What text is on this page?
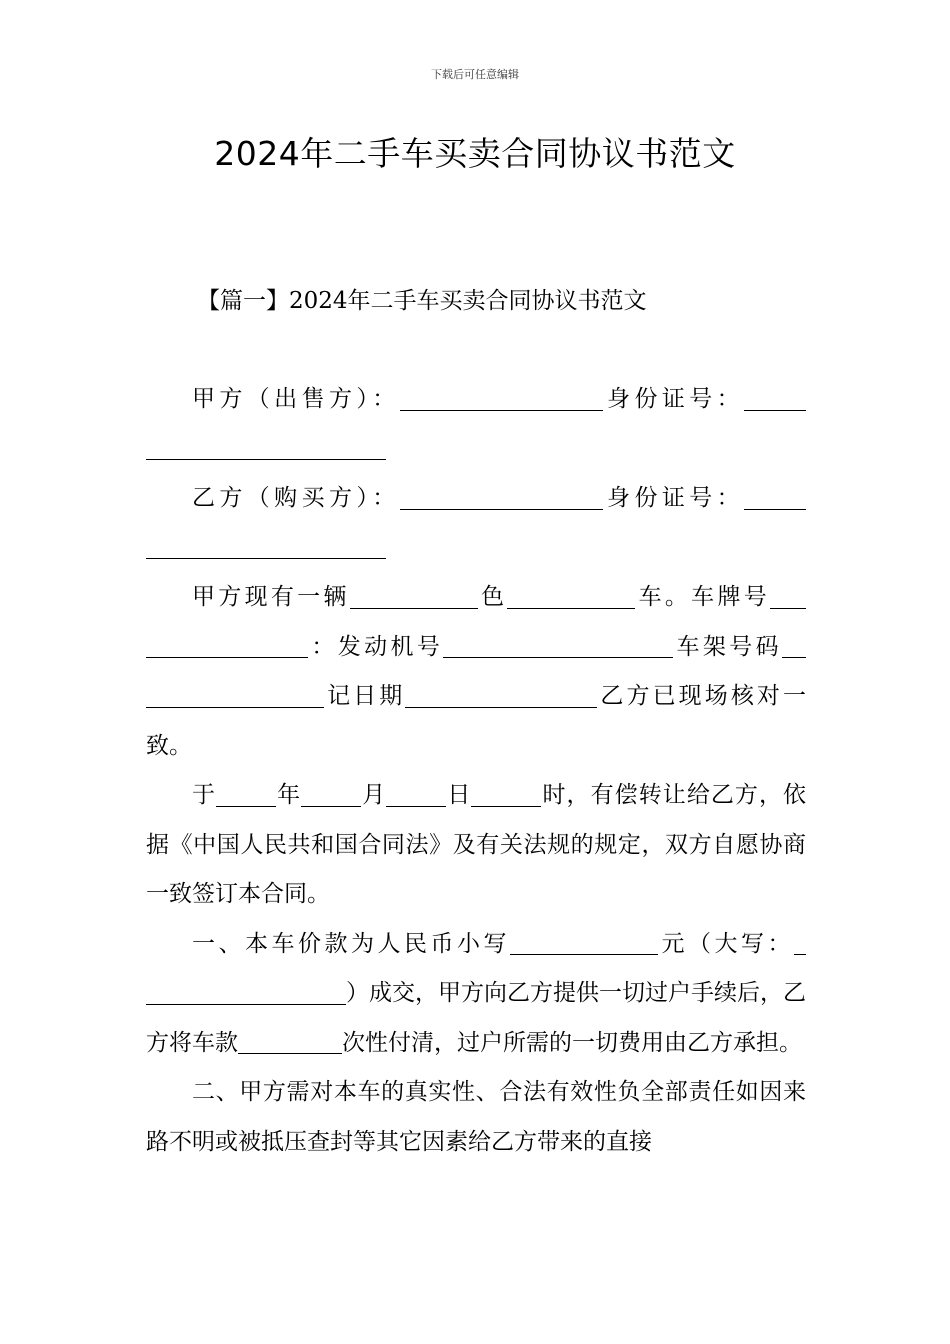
下载后可任意编辑
2024年二手车买卖合同协议书范文
【篇一】2024年二手车买卖合同协议书范文

甲方（出售方）：	身份证号：

乙方（购买方）：	身份证号：

甲方现有一辆	色	车。车牌号：发动机号	车架号码记日期	乙方已现场核对一致。

于	年	月	日	时，有偿转让给乙方，依据《中国人民共和国合同法》及有关法规的规定，双方自愿协商一致签订本合同。

一、本车价款为人民币小写	元（大写：）成交，甲方向乙方提供一切过户手续后，乙方将车款	次性付清，过户所需的一切费用由乙方承担。

二、甲方需对本车的真实性、合法有效性负全部责任如因来路不明或被抵压查封等其它因素给乙方带来的直接
